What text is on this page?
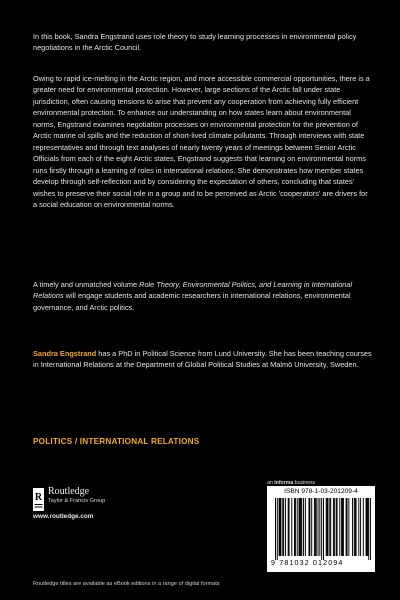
In this book, Sandra Engstrand uses role theory to study learning processes in environmental policy negotiations in the Arctic Council.

Owing to rapid ice-melting in the Arctic region, and more accessible commercial opportunities, there is a greater need for environmental protection. However, large sections of the Arctic fall under state jurisdiction, often causing tensions to arise that prevent any cooperation from achieving fully efficient environmental protection. To enhance our understanding on how states learn about environmental norms, Engstrand examines negotiation processes on environmental protection for the prevention of Arctic marine oil spills and the reduction of short-lived climate pollutants. Through interviews with state representatives and through text analyses of nearly twenty years of meetings between Senior Arctic Officials from each of the eight Arctic states, Engstrand suggests that learning on environmental norms runs firstly through a learning of roles in international relations. She demonstrates how member states develop through self-reflection and by considering the expectation of others, concluding that states' wishes to preserve their social role in a group and to be perceived as Arctic 'cooperators' are drivers for a social education on environmental norms.

A timely and unmatched volume Role Theory, Environmental Politics, and Learning in International Relations will engage students and academic researchers in international relations, environmental governance, and Arctic politics.

Sandra Engstrand has a PhD in Political Science from Lund University. She has been teaching courses in International Relations at the Department of Global Political Studies at Malmö University, Sweden.

POLITICS / INTERNATIONAL RELATIONS
an informa business
R
Routledge
Taylor & Francis Group
www.routledge.com
ISBN 978-1-03-201209-4
9 781032 012094
Routledge titles are available as eBook editions in a range of digital formats
